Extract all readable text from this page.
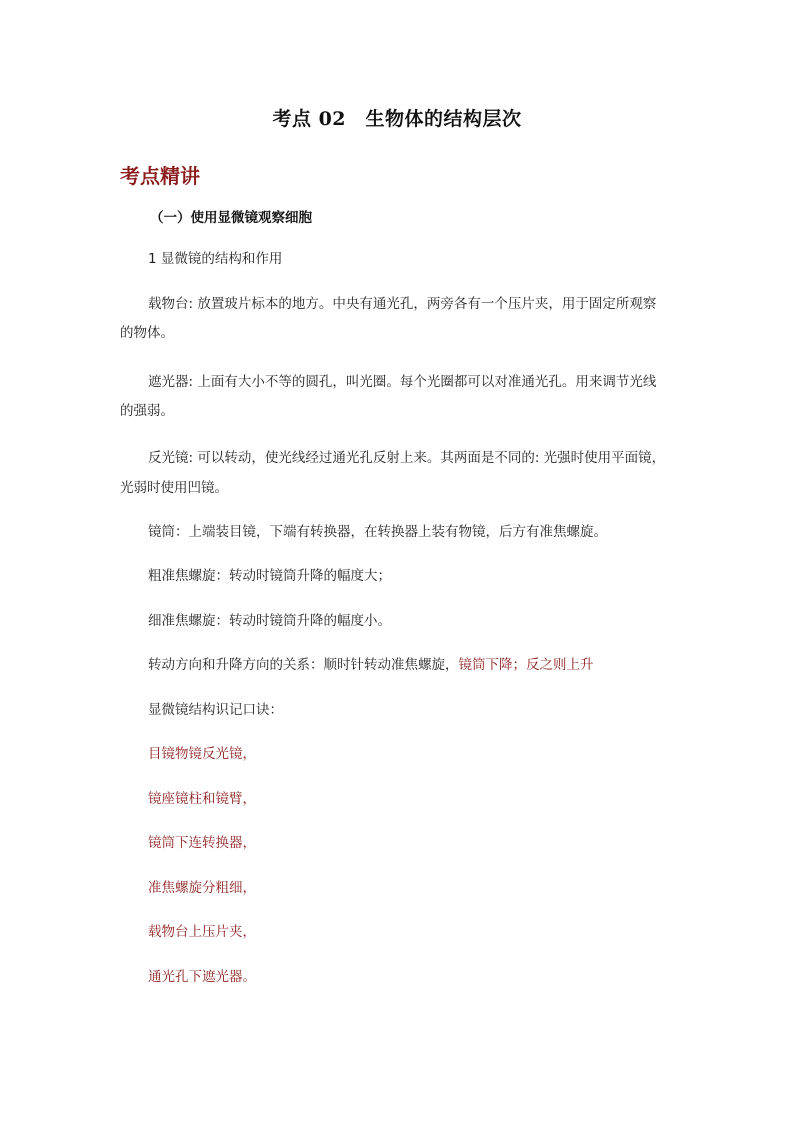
考点 02　生物体的结构层次
考点精讲
（一）使用显微镜观察细胞
1 显微镜的结构和作用
载物台: 放置玻片标本的地方。中央有通光孔，两旁各有一个压片夹，用于固定所观察
的物体。
遮光器: 上面有大小不等的圆孔，叫光圈。每个光圈都可以对准通光孔。用来调节光线
的强弱。
反光镜: 可以转动，使光线经过通光孔反射上来。其两面是不同的: 光强时使用平面镜，
光弱时使用凹镜。
镜筒：上端装目镜，下端有转换器，在转换器上装有物镜，后方有准焦螺旋。
粗准焦螺旋：转动时镜筒升降的幅度大；
细准焦螺旋：转动时镜筒升降的幅度小。
转动方向和升降方向的关系：顺时针转动准焦螺旋，镜筒下降；反之则上升
显微镜结构识记口诀：
目镜物镜反光镜，
镜座镜柱和镜臂，
镜筒下连转换器，
准焦螺旋分粗细，
载物台上压片夹，
通光孔下遮光器。
